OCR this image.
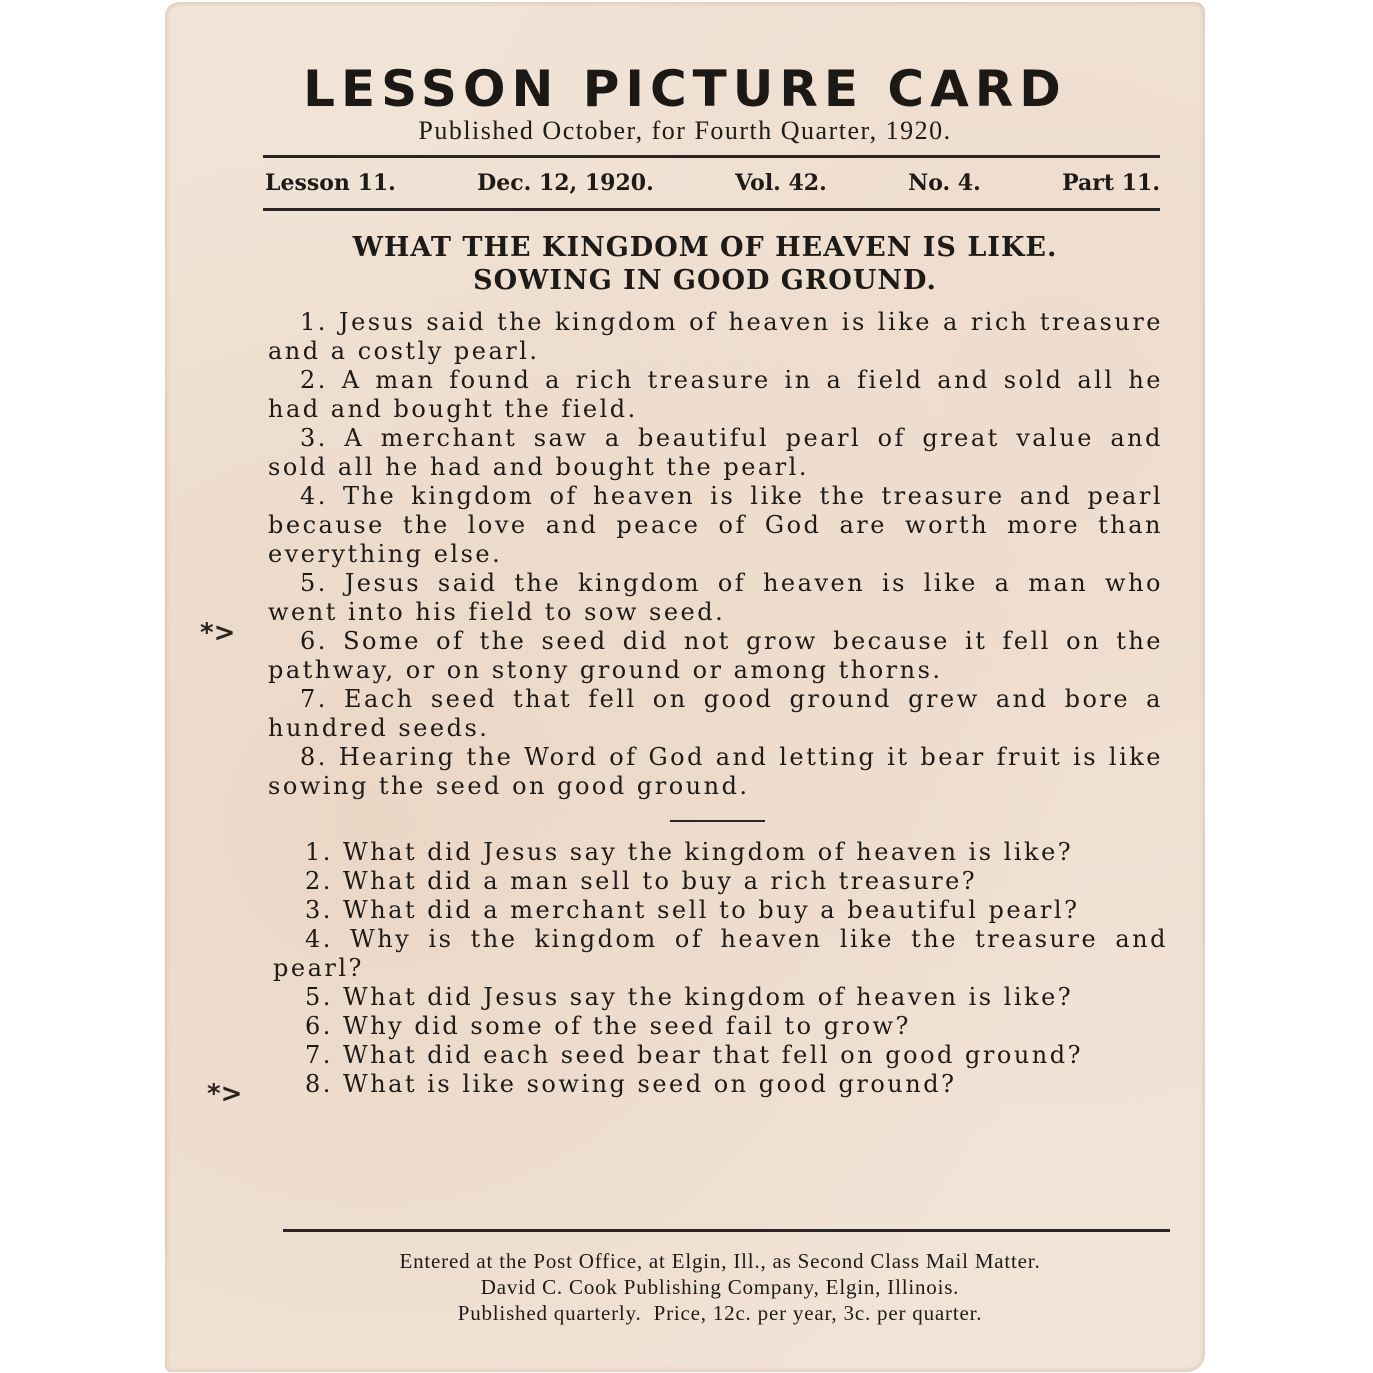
LESSON PICTURE CARD
Published October, for Fourth Quarter, 1920.
Lesson 11.	Dec. 12, 1920.	Vol. 42.	No. 4.	Part 11.
WHAT THE KINGDOM OF HEAVEN IS LIKE.
SOWING IN GOOD GROUND.

1. Jesus said the kingdom of heaven is like a rich treasure and a costly pearl.

2. A man found a rich treasure in a field and sold all he had and bought the field.

3. A merchant saw a beautiful pearl of great value and sold all he had and bought the pearl.

4. The kingdom of heaven is like the treasure and pearl because the love and peace of God are worth more than everything else.

5. Jesus said the kingdom of heaven is like a man who went into his field to sow seed.

6. Some of the seed did not grow because it fell on the pathway, or on stony ground or among thorns.

7. Each seed that fell on good ground grew and bore a hundred seeds.

8. Hearing the Word of God and letting it bear fruit is like sowing the seed on good ground.

*>

1. What did Jesus say the kingdom of heaven is like?

2. What did a man sell to buy a rich treasure?

3. What did a merchant sell to buy a beautiful pearl?

4. Why is the kingdom of heaven like the treasure and pearl?

5. What did Jesus say the kingdom of heaven is like?

6. Why did some of the seed fail to grow?

7. What did each seed bear that fell on good ground?

8. What is like sowing seed on good ground?

*>
Entered at the Post Office, at Elgin, Ill., as Second Class Mail Matter.
David C. Cook Publishing Company, Elgin, Illinois.
Published quarterly.  Price, 12c. per year, 3c. per quarter.
